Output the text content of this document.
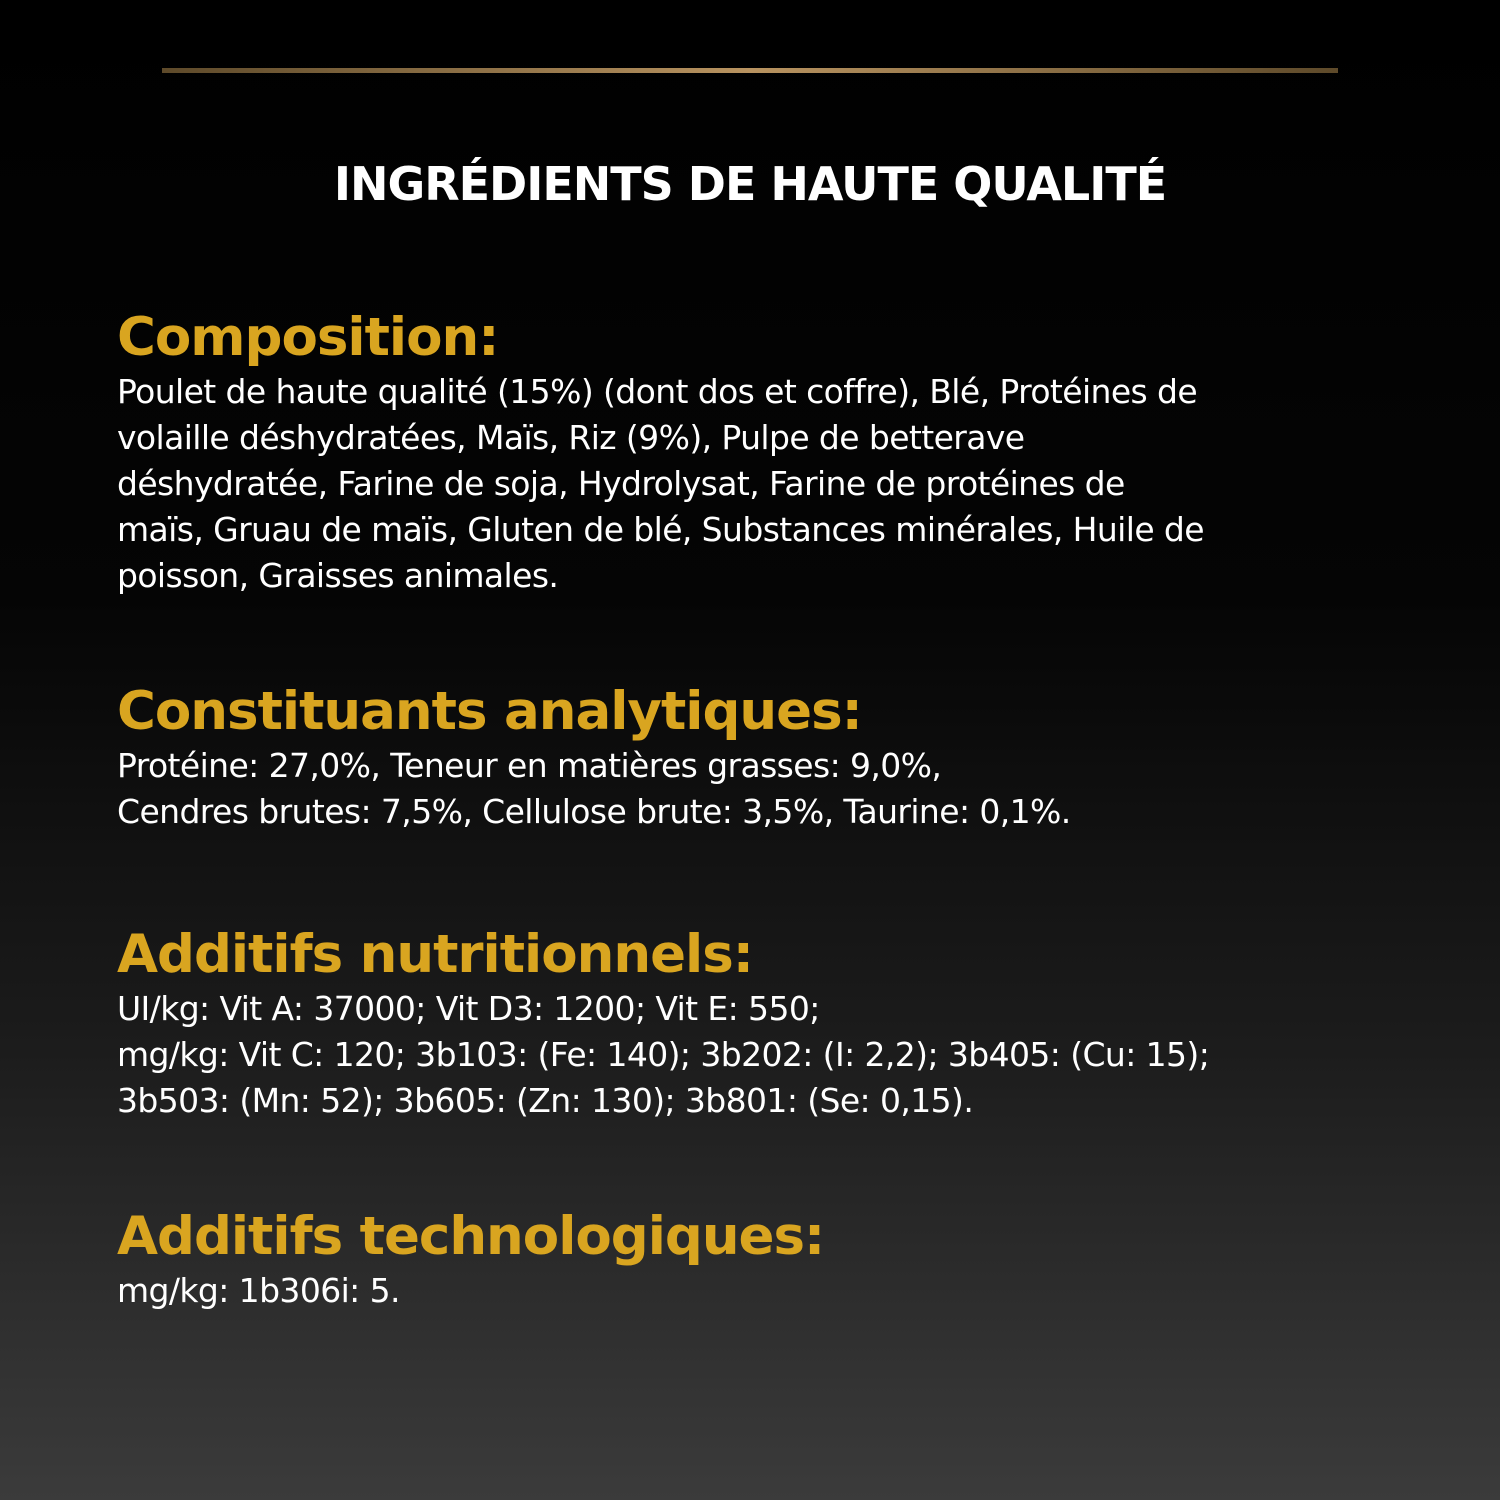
INGRÉDIENTS DE HAUTE QUALITÉ
Composition:

Poulet de haute qualité (15%) (dont dos et coffre), Blé, Protéines de
volaille déshydratées, Maïs, Riz (9%), Pulpe de betterave
déshydratée, Farine de soja, Hydrolysat, Farine de protéines de
maïs, Gruau de maïs, Gluten de blé, Substances minérales, Huile de
poisson, Graisses animales.

Constituants analytiques:

Protéine: 27,0%, Teneur en matières grasses: 9,0%,
Cendres brutes: 7,5%, Cellulose brute: 3,5%, Taurine: 0,1%.

Additifs nutritionnels:

UI/kg: Vit A: 37000; Vit D3: 1200; Vit E: 550;
mg/kg: Vit C: 120; 3b103: (Fe: 140); 3b202: (I: 2,2); 3b405: (Cu: 15);
3b503: (Mn: 52); 3b605: (Zn: 130); 3b801: (Se: 0,15).

Additifs technologiques:

mg/kg: 1b306i: 5.
